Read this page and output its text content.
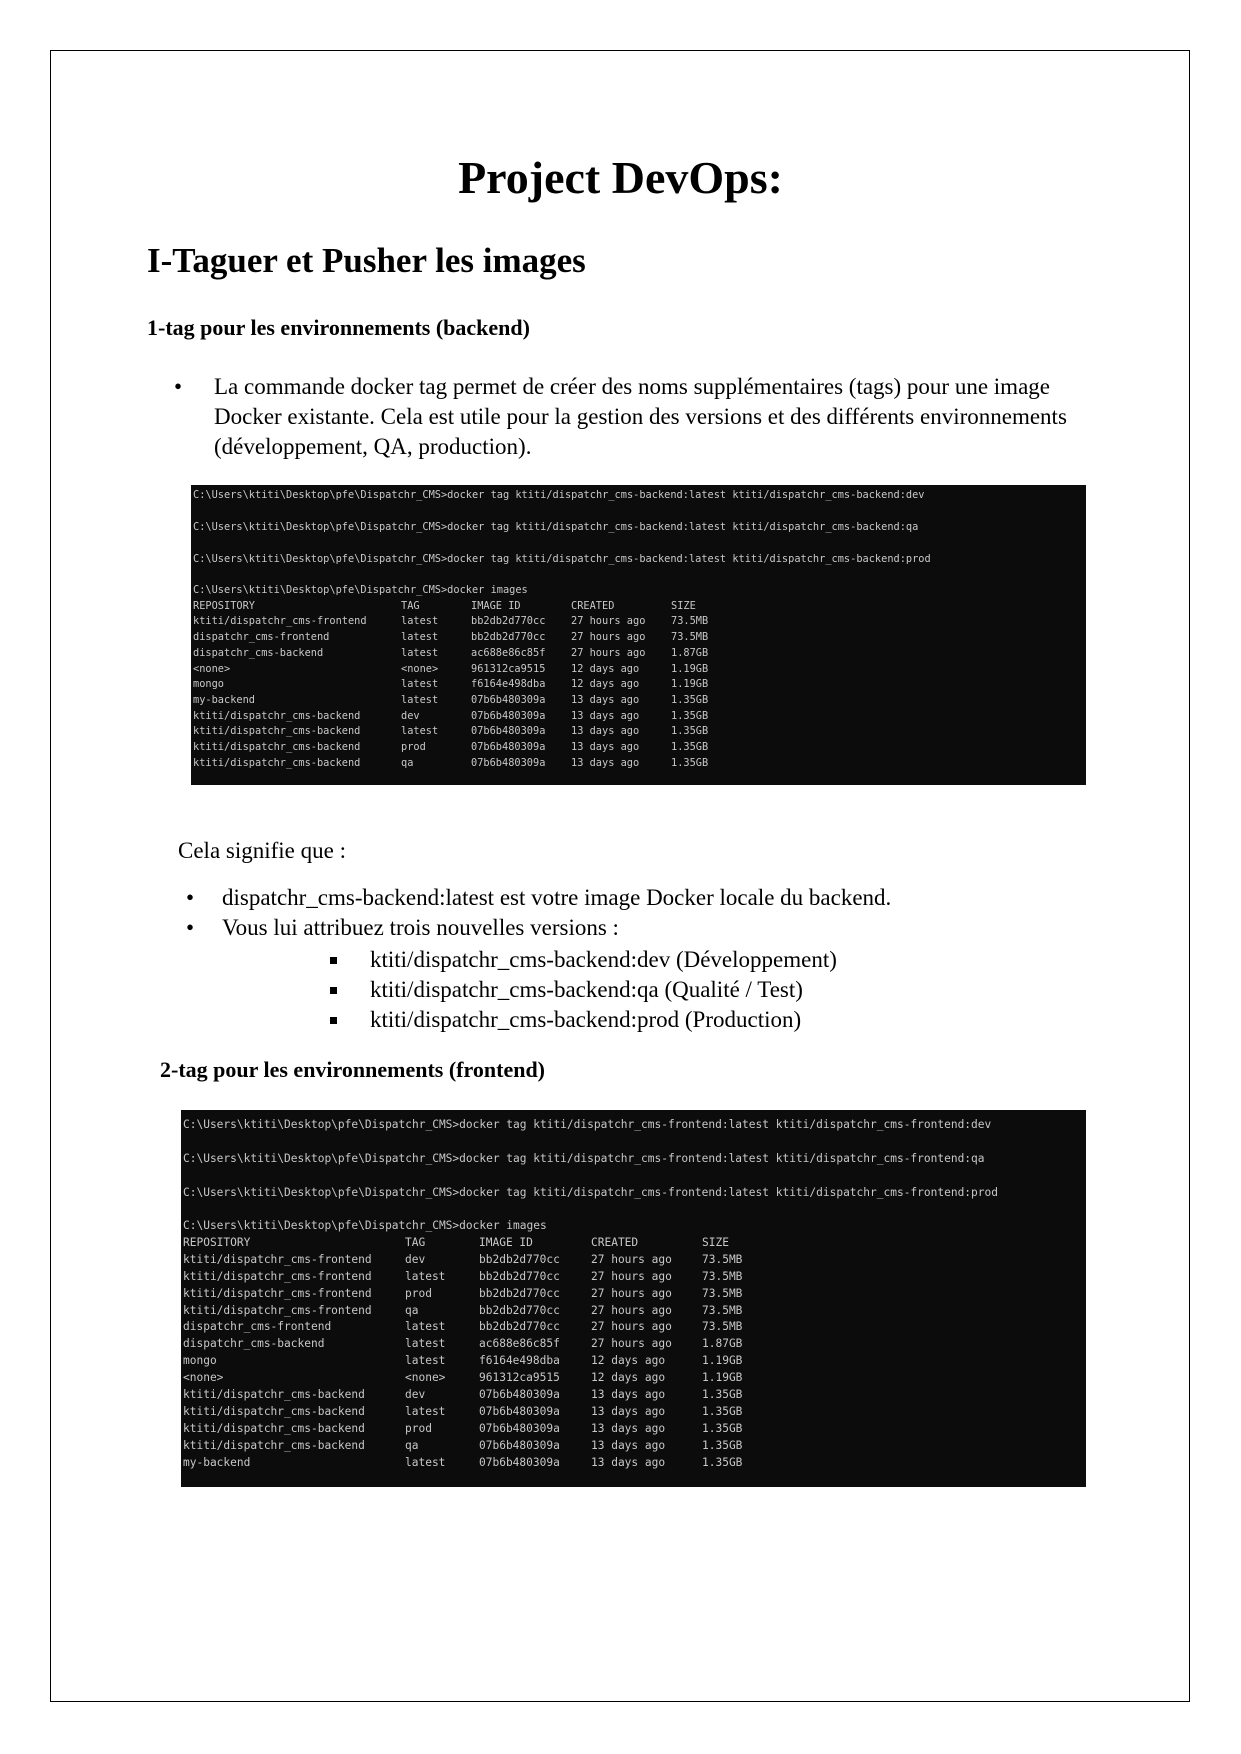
Project DevOps:
I-Taguer et Pusher les images
1-tag pour les environnements (backend)
• La commande docker tag permet de créer des noms supplémentaires (tags) pour une image Docker existante. Cela est utile pour la gestion des versions et des différents environnements (développement, QA, production).
C:\Users\ktiti\Desktop\pfe\Dispatchr_CMS>docker tag ktiti/dispatchr_cms-backend:latest ktiti/dispatchr_cms-backend:dev
C:\Users\ktiti\Desktop\pfe\Dispatchr_CMS>docker tag ktiti/dispatchr_cms-backend:latest ktiti/dispatchr_cms-backend:qa
C:\Users\ktiti\Desktop\pfe\Dispatchr_CMS>docker tag ktiti/dispatchr_cms-backend:latest ktiti/dispatchr_cms-backend:prod
C:\Users\ktiti\Desktop\pfe\Dispatchr_CMS>docker images
REPOSITORY	TAG	IMAGE ID	CREATED	SIZE
ktiti/dispatchr_cms-frontend	latest	bb2db2d770cc	27 hours ago	73.5MB
dispatchr_cms-frontend	latest	bb2db2d770cc	27 hours ago	73.5MB
dispatchr_cms-backend	latest	ac688e86c85f	27 hours ago	1.87GB
<none>	<none>	961312ca9515	12 days ago	1.19GB
mongo	latest	f6164e498dba	12 days ago	1.19GB
my-backend	latest	07b6b480309a	13 days ago	1.35GB
ktiti/dispatchr_cms-backend	dev	07b6b480309a	13 days ago	1.35GB
ktiti/dispatchr_cms-backend	latest	07b6b480309a	13 days ago	1.35GB
ktiti/dispatchr_cms-backend	prod	07b6b480309a	13 days ago	1.35GB
ktiti/dispatchr_cms-backend	qa	07b6b480309a	13 days ago	1.35GB
Cela signifie que :
• dispatchr_cms-backend:latest est votre image Docker locale du backend.
• Vous lui attribuez trois nouvelles versions :
ktiti/dispatchr_cms-backend:dev (Développement)
ktiti/dispatchr_cms-backend:qa (Qualité / Test)
ktiti/dispatchr_cms-backend:prod (Production)
2-tag pour les environnements (frontend)
C:\Users\ktiti\Desktop\pfe\Dispatchr_CMS>docker tag ktiti/dispatchr_cms-frontend:latest ktiti/dispatchr_cms-frontend:dev
C:\Users\ktiti\Desktop\pfe\Dispatchr_CMS>docker tag ktiti/dispatchr_cms-frontend:latest ktiti/dispatchr_cms-frontend:qa
C:\Users\ktiti\Desktop\pfe\Dispatchr_CMS>docker tag ktiti/dispatchr_cms-frontend:latest ktiti/dispatchr_cms-frontend:prod
C:\Users\ktiti\Desktop\pfe\Dispatchr_CMS>docker images
REPOSITORY	TAG	IMAGE ID	CREATED	SIZE
ktiti/dispatchr_cms-frontend	dev	bb2db2d770cc	27 hours ago	73.5MB
ktiti/dispatchr_cms-frontend	latest	bb2db2d770cc	27 hours ago	73.5MB
ktiti/dispatchr_cms-frontend	prod	bb2db2d770cc	27 hours ago	73.5MB
ktiti/dispatchr_cms-frontend	qa	bb2db2d770cc	27 hours ago	73.5MB
dispatchr_cms-frontend	latest	bb2db2d770cc	27 hours ago	73.5MB
dispatchr_cms-backend	latest	ac688e86c85f	27 hours ago	1.87GB
mongo	latest	f6164e498dba	12 days ago	1.19GB
<none>	<none>	961312ca9515	12 days ago	1.19GB
ktiti/dispatchr_cms-backend	dev	07b6b480309a	13 days ago	1.35GB
ktiti/dispatchr_cms-backend	latest	07b6b480309a	13 days ago	1.35GB
ktiti/dispatchr_cms-backend	prod	07b6b480309a	13 days ago	1.35GB
ktiti/dispatchr_cms-backend	qa	07b6b480309a	13 days ago	1.35GB
my-backend	latest	07b6b480309a	13 days ago	1.35GB
